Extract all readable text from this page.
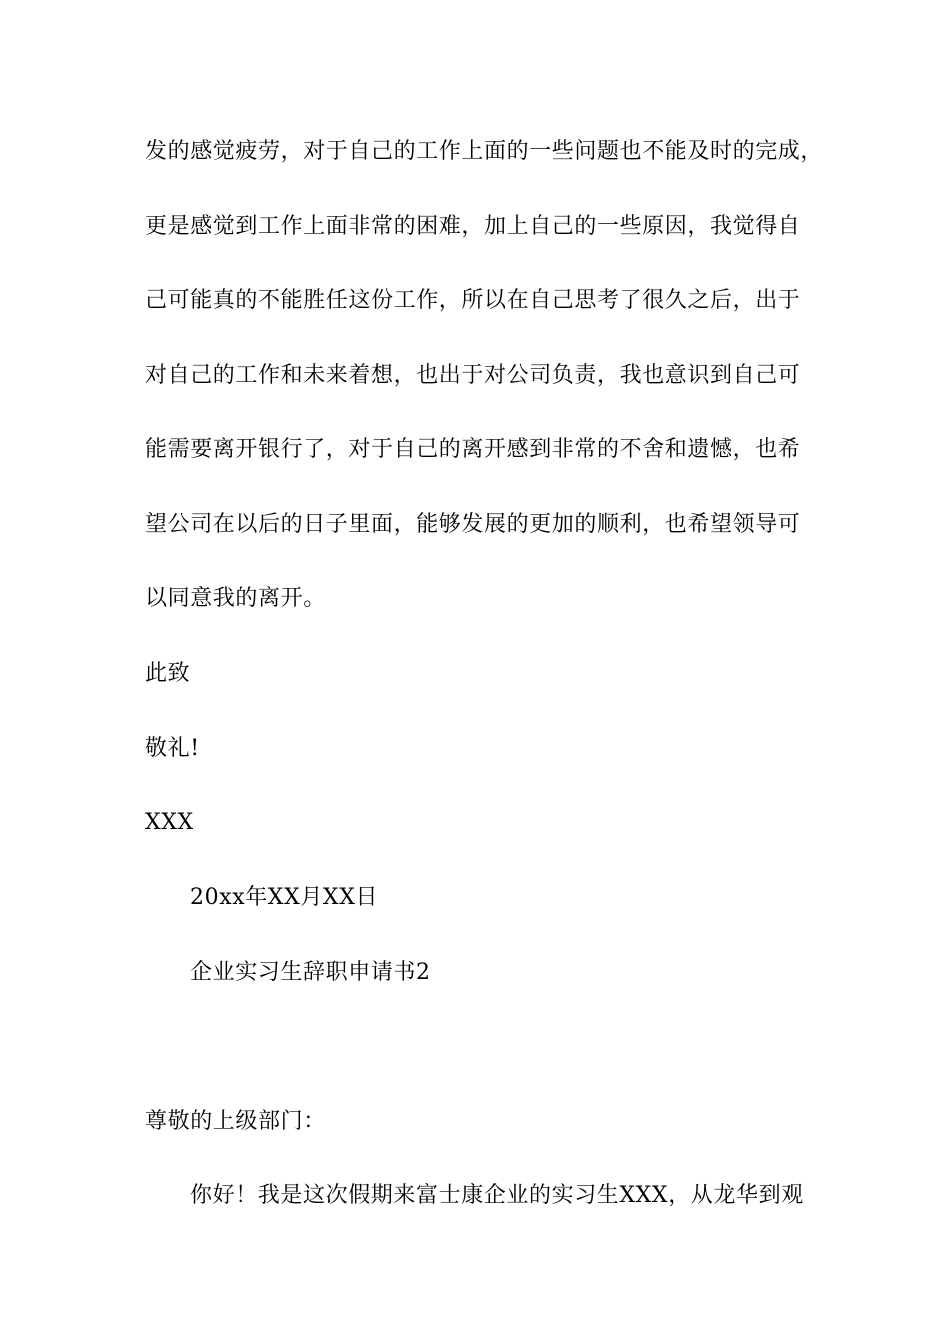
发的感觉疲劳，对于自己的工作上面的一些问题也不能及时的完成，
更是感觉到工作上面非常的困难，加上自己的一些原因，我觉得自
己可能真的不能胜任这份工作，所以在自己思考了很久之后，出于
对自己的工作和未来着想，也出于对公司负责，我也意识到自己可
能需要离开银行了，对于自己的离开感到非常的不舍和遗憾，也希
望公司在以后的日子里面，能够发展的更加的顺利，也希望领导可
以同意我的离开。
此致
敬礼!
XXX
20xx年XX月XX日
企业实习生辞职申请书2
尊敬的上级部门：
你好！我是这次假期来富士康企业的实习生XXX，从龙华到观
